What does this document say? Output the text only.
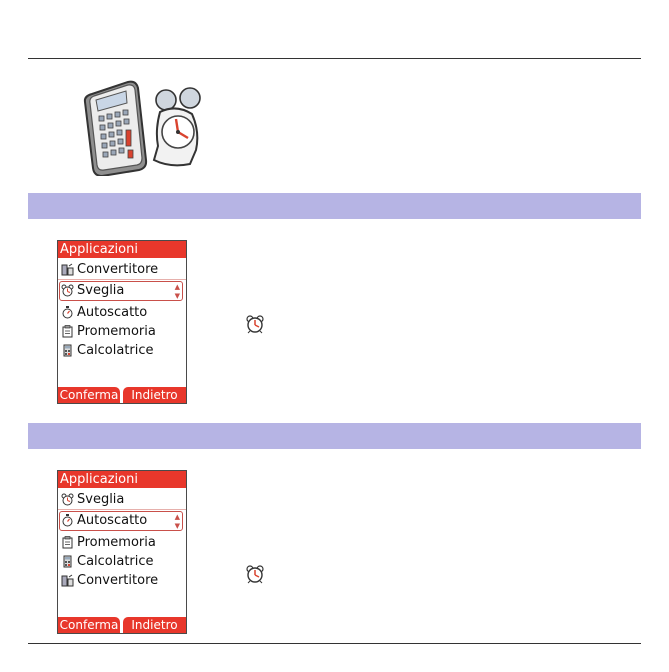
Applicazioni
Convertitore
▲
▼
Sveglia
Autoscatto
Promemoria
Calcolatrice
Conferma	Indietro
Applicazioni
Sveglia
▲
▼
Autoscatto
Promemoria
Calcolatrice
Convertitore
Conferma	Indietro
